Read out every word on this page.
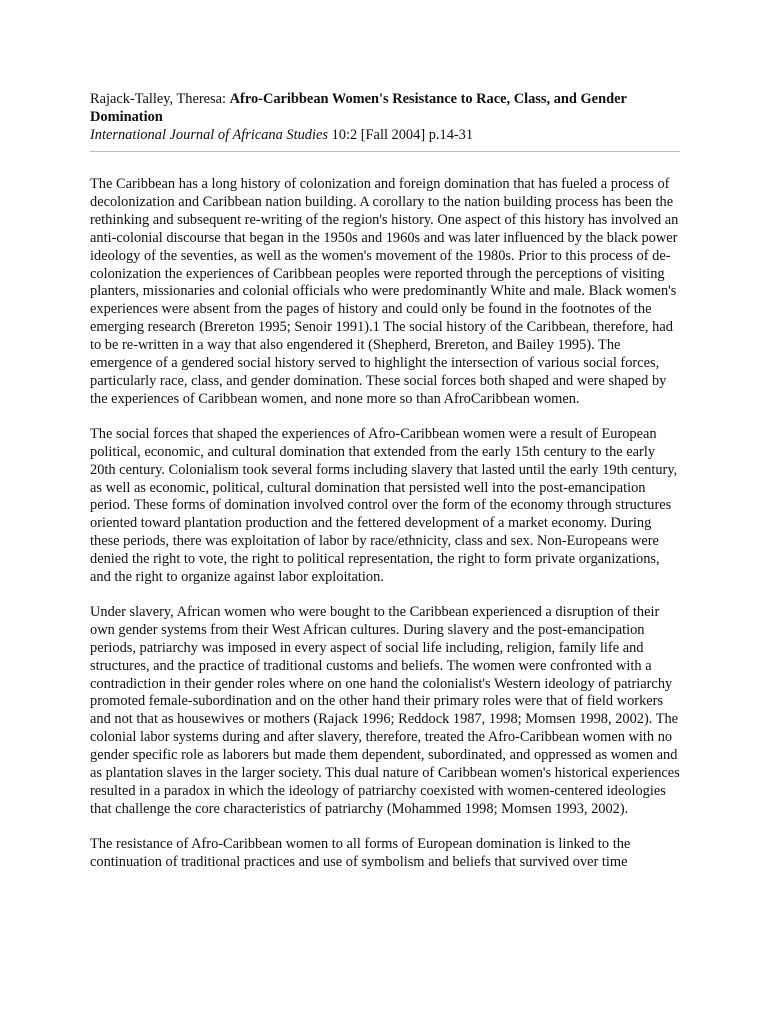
Rajack-Talley, Theresa: Afro-Caribbean Women's Resistance to Race, Class, and Gender Domination
International Journal of Africana Studies 10:2 [Fall 2004] p.14-31

The Caribbean has a long history of colonization and foreign domination that has fueled a process of decolonization and Caribbean nation building. A corollary to the nation building process has been the rethinking and subsequent re-writing of the region's history. One aspect of this history has involved an anti-colonial discourse that began in the 1950s and 1960s and was later influenced by the black power ideology of the seventies, as well as the women's movement of the 1980s. Prior to this process of de-colonization the experiences of Caribbean peoples were reported through the perceptions of visiting planters, missionaries and colonial officials who were predominantly White and male. Black women's experiences were absent from the pages of history and could only be found in the footnotes of the emerging research (Brereton 1995; Senoir 1991).1 The social history of the Caribbean, therefore, had to be re-written in a way that also engendered it (Shepherd, Brereton, and Bailey 1995). The emergence of a gendered social history served to highlight the intersection of various social forces, particularly race, class, and gender domination. These social forces both shaped and were shaped by the experiences of Caribbean women, and none more so than AfroCaribbean women.

The social forces that shaped the experiences of Afro-Caribbean women were a result of European political, economic, and cultural domination that extended from the early 15th century to the early 20th century. Colonialism took several forms including slavery that lasted until the early 19th century, as well as economic, political, cultural domination that persisted well into the post-emancipation period. These forms of domination involved control over the form of the economy through structures oriented toward plantation production and the fettered development of a market economy. During these periods, there was exploitation of labor by race/ethnicity, class and sex. Non-Europeans were denied the right to vote, the right to political representation, the right to form private organizations, and the right to organize against labor exploitation.

Under slavery, African women who were bought to the Caribbean experienced a disruption of their own gender systems from their West African cultures. During slavery and the post-emancipation periods, patriarchy was imposed in every aspect of social life including, religion, family life and structures, and the practice of traditional customs and beliefs. The women were confronted with a contradiction in their gender roles where on one hand the colonialist's Western ideology of patriarchy promoted female-subordination and on the other hand their primary roles were that of field workers and not that as housewives or mothers (Rajack 1996; Reddock 1987, 1998; Momsen 1998, 2002). The colonial labor systems during and after slavery, therefore, treated the Afro-Caribbean women with no gender specific role as laborers but made them dependent, subordinated, and oppressed as women and as plantation slaves in the larger society. This dual nature of Caribbean women's historical experiences resulted in a paradox in which the ideology of patriarchy coexisted with women-centered ideologies that challenge the core characteristics of patriarchy (Mohammed 1998; Momsen 1993, 2002).

The resistance of Afro-Caribbean women to all forms of European domination is linked to the continuation of traditional practices and use of symbolism and beliefs that survived over time
